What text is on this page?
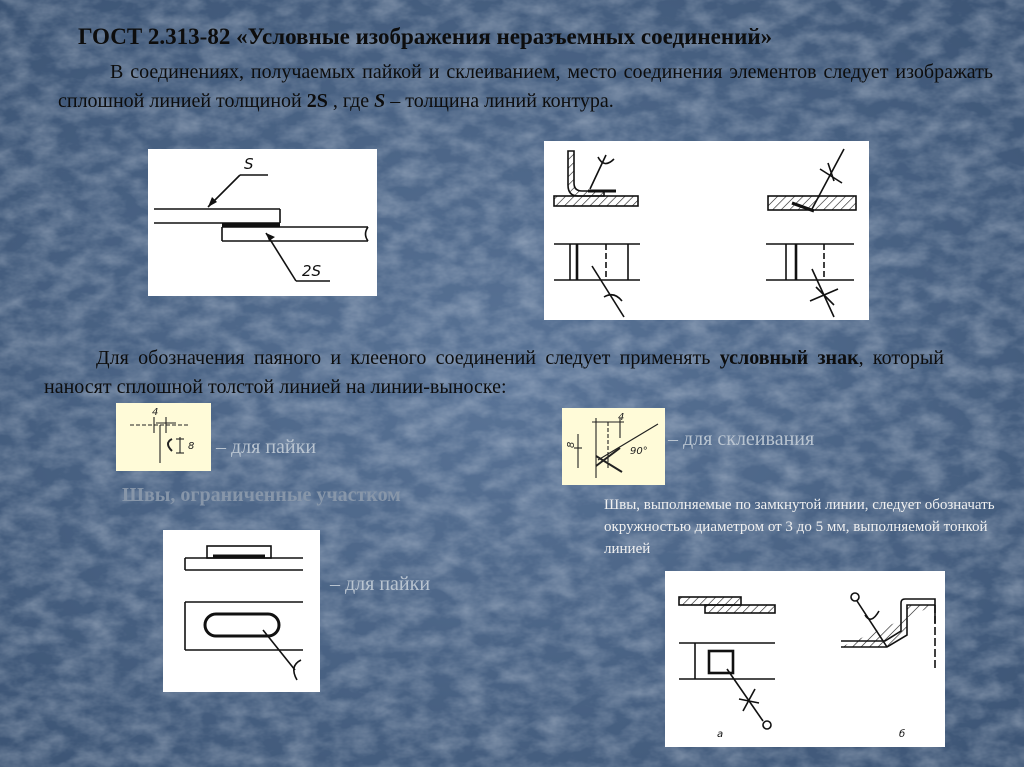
ГОСТ 2.313-82 «Условные изображения неразъемных соединений»
В соединениях, получаемых пайкой и склеиванием, место соединения элементов следует изображать сплошной линией толщиной 2S , где S – толщина линий контура.
S
2S
Для обозначения паяного и клееного соединений следует применять условный знак, который наносят сплошной толстой линией на линии-выноске:
4
8 – для пайки	8
4
90°
– для склеивания
Швы, ограниченные участком	Швы, выполняемые по замкнутой линии, следует обозначать окружностью диаметром от 3 до 5 мм, выполняемой тонкой линией
– для пайки
а	б
